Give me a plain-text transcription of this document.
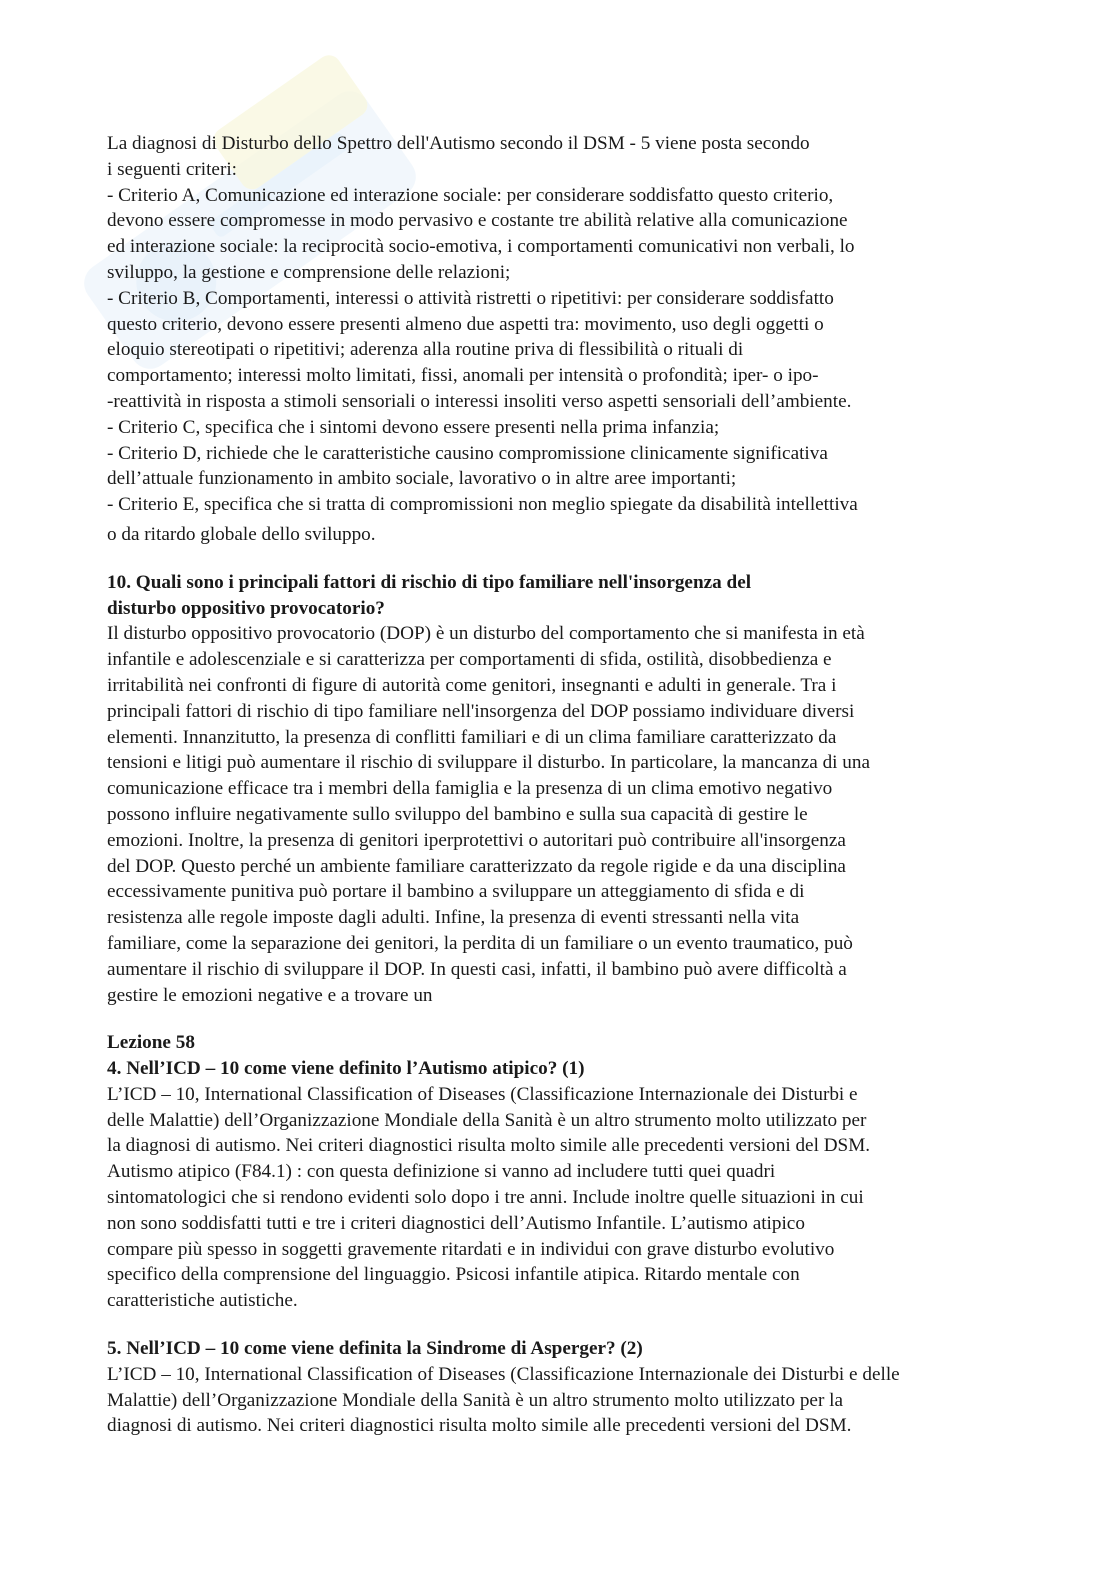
La diagnosi di Disturbo dello Spettro dell'Autismo secondo il DSM - 5 viene posta secondo
i seguenti criteri:
- Criterio A, Comunicazione ed interazione sociale: per considerare soddisfatto questo criterio,
devono essere compromesse in modo pervasivo e costante tre abilità relative alla comunicazione
ed interazione sociale: la reciprocità socio-emotiva, i comportamenti comunicativi non verbali, lo
sviluppo, la gestione e comprensione delle relazioni;
- Criterio B, Comportamenti, interessi o attività ristretti o ripetitivi: per considerare soddisfatto
questo criterio, devono essere presenti almeno due aspetti tra: movimento, uso degli oggetti o
eloquio stereotipati o ripetitivi; aderenza alla routine priva di flessibilità o rituali di
comportamento; interessi molto limitati, fissi, anomali per intensità o profondità; iper- o ipo-
-reattività in risposta a stimoli sensoriali o interessi insoliti verso aspetti sensoriali dell’ambiente.
- Criterio C, specifica che i sintomi devono essere presenti nella prima infanzia;
- Criterio D, richiede che le caratteristiche causino compromissione clinicamente significativa
dell’attuale funzionamento in ambito sociale, lavorativo o in altre aree importanti;
- Criterio E, specifica che si tratta di compromissioni non meglio spiegate da disabilità intellettiva
o da ritardo globale dello sviluppo.
10. Quali sono i principali fattori di rischio di tipo familiare nell'insorgenza del
disturbo oppositivo provocatorio?
Il disturbo oppositivo provocatorio (DOP) è un disturbo del comportamento che si manifesta in età
infantile e adolescenziale e si caratterizza per comportamenti di sfida, ostilità, disobbedienza e
irritabilità nei confronti di figure di autorità come genitori, insegnanti e adulti in generale. Tra i
principali fattori di rischio di tipo familiare nell'insorgenza del DOP possiamo individuare diversi
elementi. Innanzitutto, la presenza di conflitti familiari e di un clima familiare caratterizzato da
tensioni e litigi può aumentare il rischio di sviluppare il disturbo. In particolare, la mancanza di una
comunicazione efficace tra i membri della famiglia e la presenza di un clima emotivo negativo
possono influire negativamente sullo sviluppo del bambino e sulla sua capacità di gestire le
emozioni. Inoltre, la presenza di genitori iperprotettivi o autoritari può contribuire all'insorgenza
del DOP. Questo perché un ambiente familiare caratterizzato da regole rigide e da una disciplina
eccessivamente punitiva può portare il bambino a sviluppare un atteggiamento di sfida e di
resistenza alle regole imposte dagli adulti. Infine, la presenza di eventi stressanti nella vita
familiare, come la separazione dei genitori, la perdita di un familiare o un evento traumatico, può
aumentare il rischio di sviluppare il DOP. In questi casi, infatti, il bambino può avere difficoltà a
gestire le emozioni negative e a trovare un
Lezione 58
4. Nell’ICD – 10 come viene definito l’Autismo atipico? (1)
L’ICD – 10, International Classification of Diseases (Classificazione Internazionale dei Disturbi e
delle Malattie) dell’Organizzazione Mondiale della Sanità è un altro strumento molto utilizzato per
la diagnosi di autismo. Nei criteri diagnostici risulta molto simile alle precedenti versioni del DSM.
Autismo atipico (F84.1) : con questa definizione si vanno ad includere tutti quei quadri
sintomatologici che si rendono evidenti solo dopo i tre anni. Include inoltre quelle situazioni in cui
non sono soddisfatti tutti e tre i criteri diagnostici dell’Autismo Infantile. L’autismo atipico
compare più spesso in soggetti gravemente ritardati e in individui con grave disturbo evolutivo
specifico della comprensione del linguaggio. Psicosi infantile atipica. Ritardo mentale con
caratteristiche autistiche.
5. Nell’ICD – 10 come viene definita la Sindrome di Asperger? (2)
L’ICD – 10, International Classification of Diseases (Classificazione Internazionale dei Disturbi e delle
Malattie) dell’Organizzazione Mondiale della Sanità è un altro strumento molto utilizzato per la
diagnosi di autismo. Nei criteri diagnostici risulta molto simile alle precedenti versioni del DSM.
